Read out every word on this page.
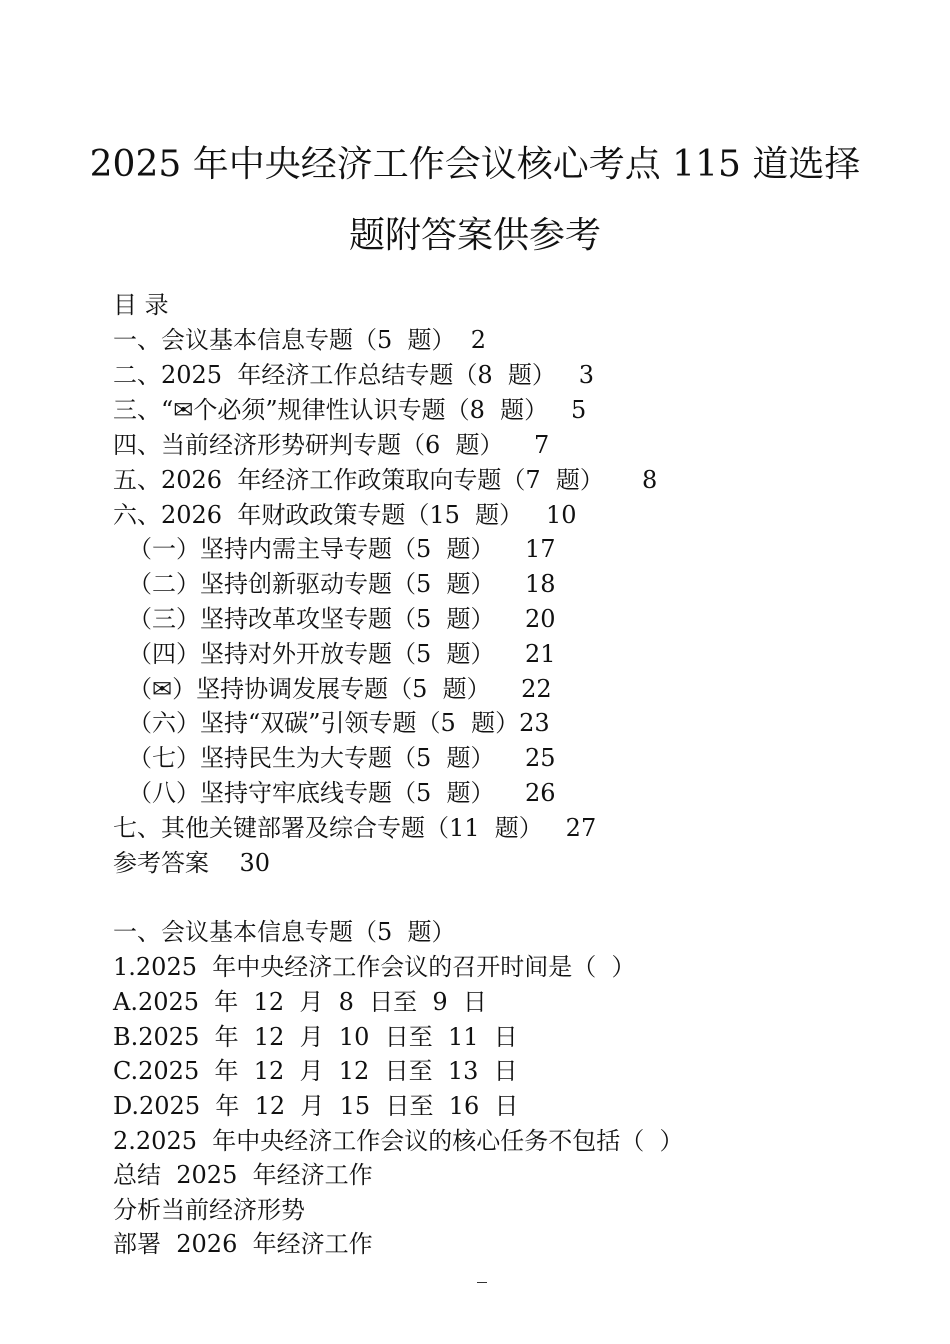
2025 年中央经济工作会议核心考点 115 道选择
题附答案供参考
目 录
一、会议基本信息专题（5  题）  2
二、2025  年经济工作总结专题（8  题）   3
三、“✉个必须”规律性认识专题（8  题）   5
四、当前经济形势研判专题（6  题）    7
五、2026  年经济工作政策取向专题（7  题）     8
六、2026  年财政政策专题（15  题）   10
（一）坚持内需主导专题（5  题）    17
（二）坚持创新驱动专题（5  题）    18
（三）坚持改革攻坚专题（5  题）    20
（四）坚持对外开放专题（5  题）    21
（✉）坚持协调发展专题（5  题）    22
（六）坚持“双碳”引领专题（5  题）23
（七）坚持民生为大专题（5  题）    25
（八）坚持守牢底线专题（5  题）    26
七、其他关键部署及综合专题（11  题）   27
参考答案    30
一、会议基本信息专题（5  题）
1.2025  年中央经济工作会议的召开时间是（  ）
A.2025  年  12  月  8  日至  9  日
B.2025  年  12  月  10  日至  11  日
C.2025  年  12  月  12  日至  13  日
D.2025  年  12  月  15  日至  16  日
2.2025  年中央经济工作会议的核心任务不包括（  ）
总结  2025  年经济工作
分析当前经济形势
部署  2026  年经济工作
